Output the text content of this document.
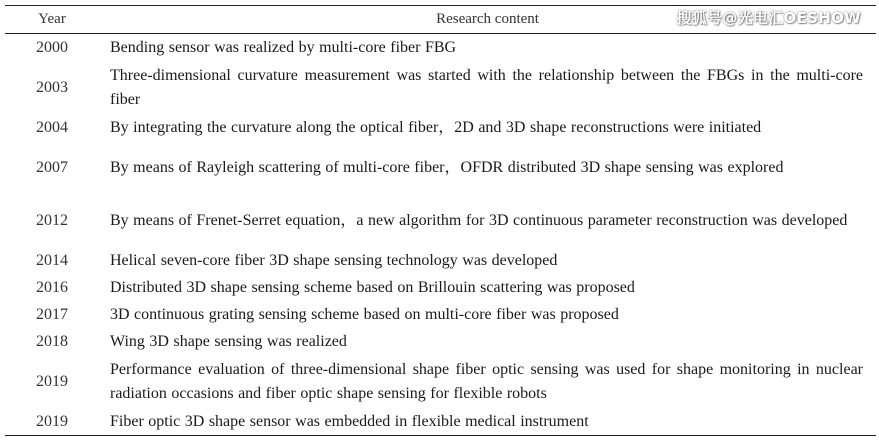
Year	Research content
2000	Bending sensor was realized by multi-core fiber FBG
2003	Three-dimensional curvature measurement was started with the relationship between the FBGs in the multi-core fiber
2004	By integrating the curvature along the optical fiber，2D and 3D shape reconstructions were initiated
2007	By means of Rayleigh scattering of multi-core fiber，OFDR distributed 3D shape sensing was explored
2012	By means of Frenet-Serret equation，a new algorithm for 3D continuous parameter reconstruction was developed
2014	Helical seven-core fiber 3D shape sensing technology was developed
2016	Distributed 3D shape sensing scheme based on Brillouin scattering was proposed
2017	3D continuous grating sensing scheme based on multi-core fiber was proposed
2018	Wing 3D shape sensing was realized
2019	Performance evaluation of three-dimensional shape fiber optic sensing was used for shape monitoring in nuclear radiation occasions and fiber optic shape sensing for flexible robots
2019	Fiber optic 3D shape sensor was embedded in flexible medical instrument
搜狐号@光电汇OESHOW
